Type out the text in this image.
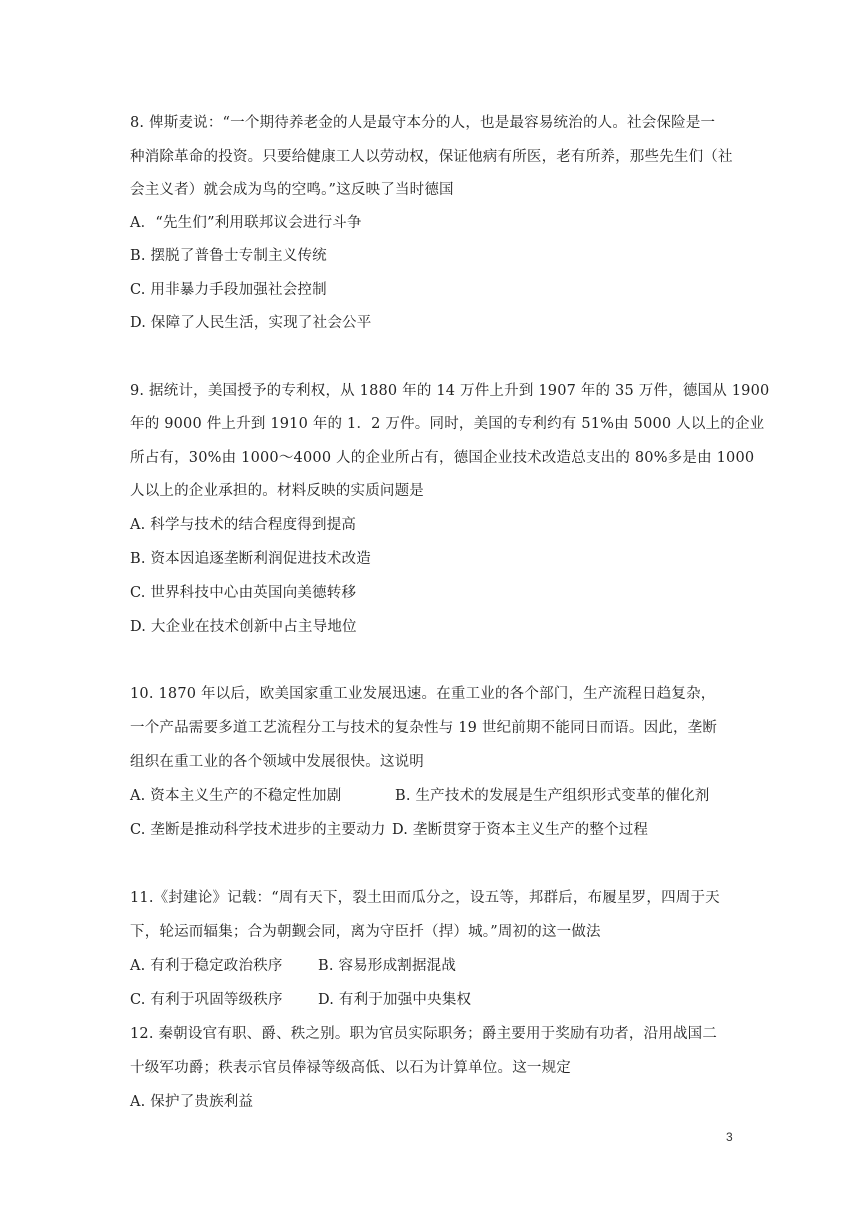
8. 俾斯麦说：“一个期待养老金的人是最守本分的人，也是最容易统治的人。社会保险是一
种消除革命的投资。只要给健康工人以劳动权，保证他病有所医，老有所养，那些先生们（社
会主义者）就会成为鸟的空鸣。”这反映了当时德国
A．“先生们”利用联邦议会进行斗争
B. 摆脱了普鲁士专制主义传统
C. 用非暴力手段加强社会控制
D. 保障了人民生活，实现了社会公平
9. 据统计，美国授予的专利权，从 1880 年的 14 万件上升到 1907 年的 35 万件，德国从 1900
年的 9000 件上升到 1910 年的 1．2 万件。同时，美国的专利约有 51%由 5000 人以上的企业
所占有，30%由 1000～4000 人的企业所占有，德国企业技术改造总支出的 80%多是由 1000
人以上的企业承担的。材料反映的实质问题是
A. 科学与技术的结合程度得到提高
B. 资本因追逐垄断利润促进技术改造
C. 世界科技中心由英国向美德转移
D. 大企业在技术创新中占主导地位
10. 1870 年以后，欧美国家重工业发展迅速。在重工业的各个部门，生产流程日趋复杂，
一个产品需要多道工艺流程分工与技术的复杂性与 19 世纪前期不能同日而语。因此，垄断
组织在重工业的各个领域中发展很快。这说明
A. 资本主义生产的不稳定性加剧	B. 生产技术的发展是生产组织形式变革的催化剂
C. 垄断是推动科学技术进步的主要动力 D. 垄断贯穿于资本主义生产的整个过程
11.《封建论》记载：“周有天下，裂土田而瓜分之，设五等，邦群后，布履星罗，四周于天
下，轮运而辐集；合为朝觐会同，离为守臣扦（捍）城。”周初的这一做法
A. 有利于稳定政治秩序 B. 容易形成割据混战
C. 有利于巩固等级秩序 D. 有利于加强中央集权
12. 秦朝设官有职、爵、秩之别。职为官员实际职务；爵主要用于奖励有功者，沿用战国二
十级军功爵；秩表示官员俸禄等级高低、以石为计算单位。这一规定
A. 保护了贵族利益
3
